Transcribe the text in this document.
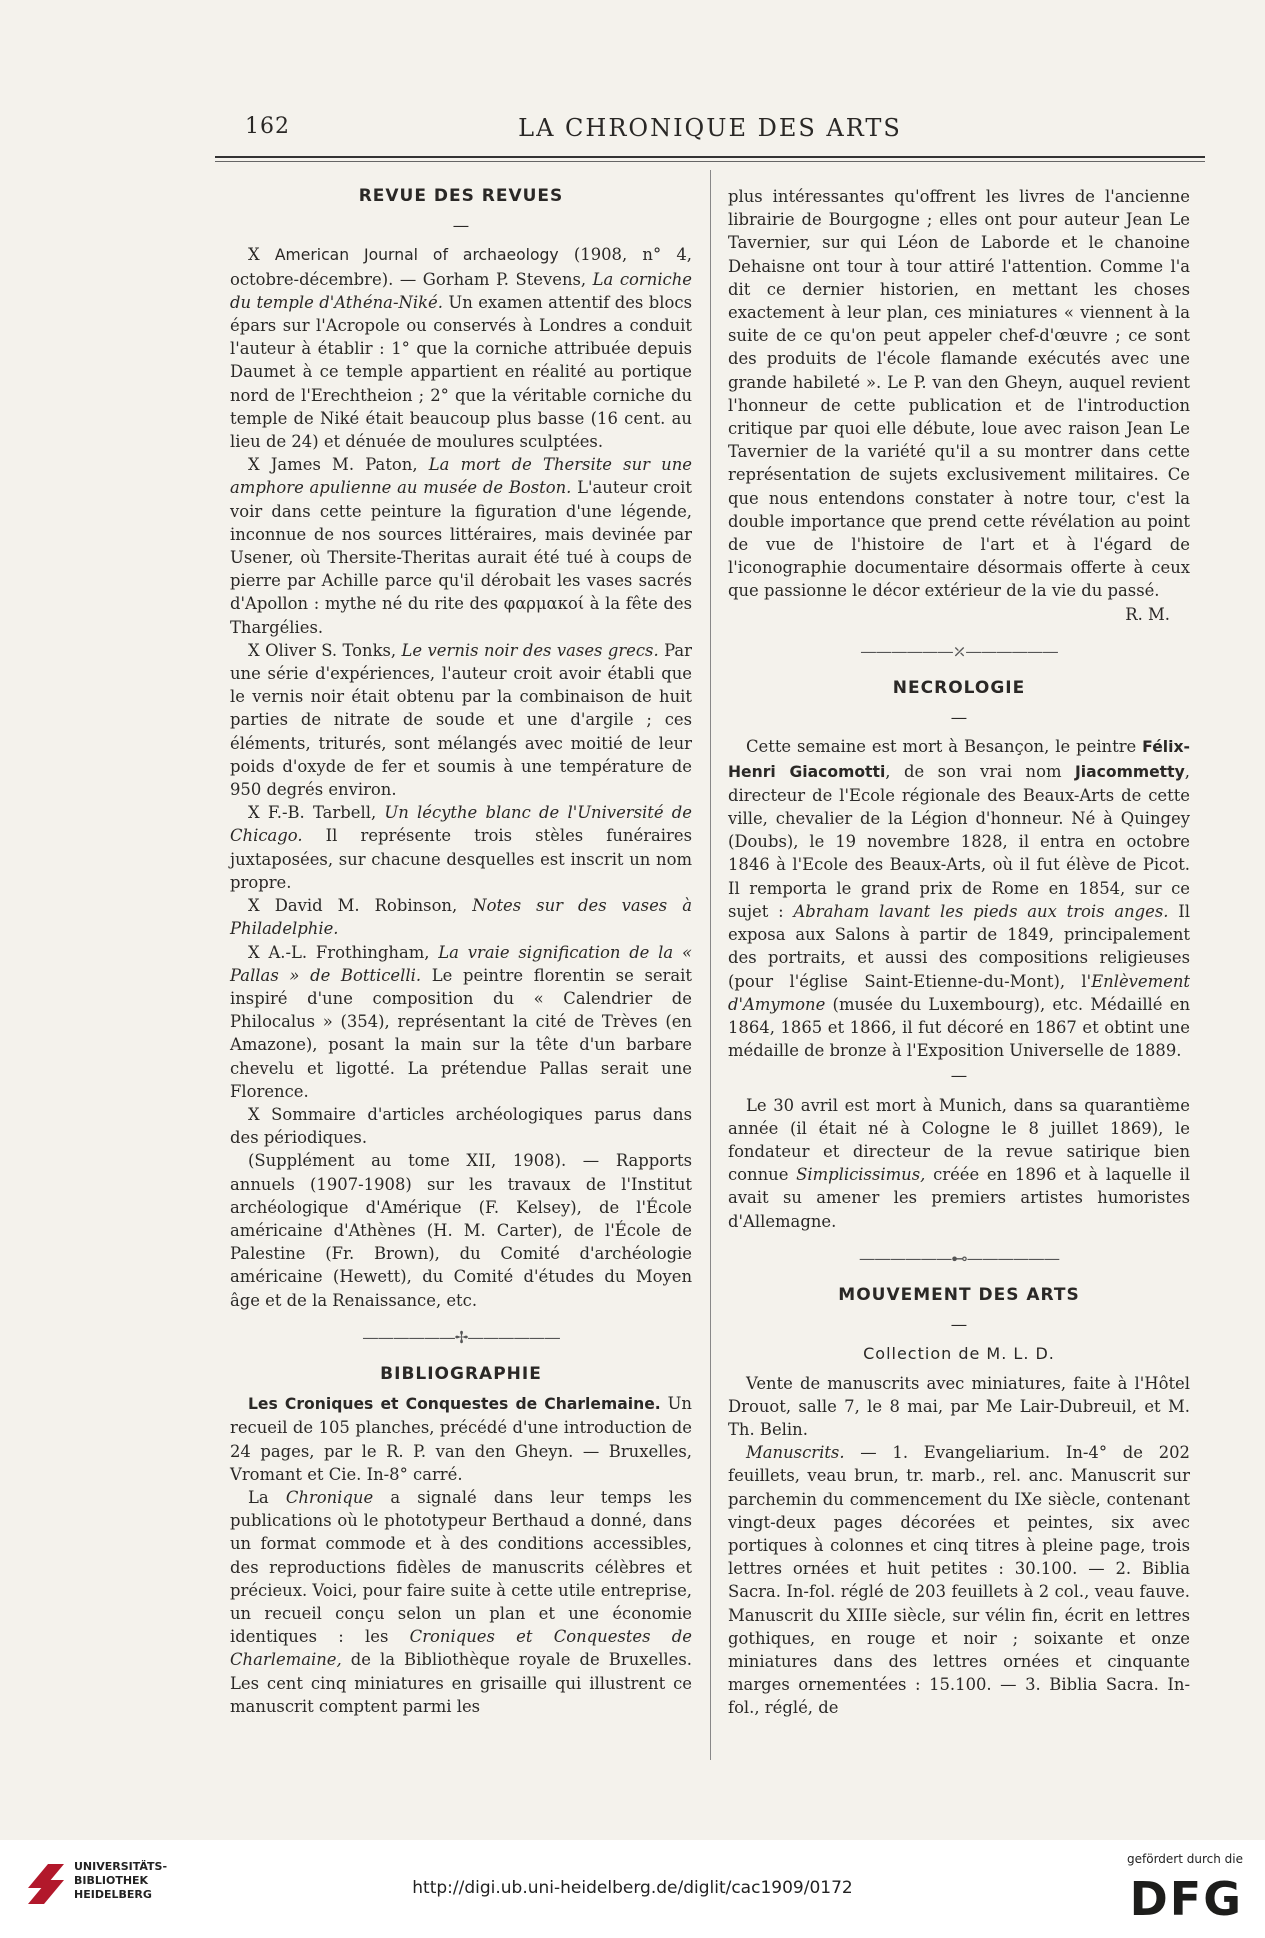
162	LA CHRONIQUE DES ARTS
REVUE DES REVUES
—

X American Journal of archaeology (1908, n° 4, octobre-décembre). — Gorham P. Stevens, La corniche du temple d'Athéna-Niké. Un examen attentif des blocs épars sur l'Acropole ou conservés à Londres a conduit l'auteur à établir : 1° que la corniche attribuée depuis Daumet à ce temple appartient en réalité au portique nord de l'Erechtheion ; 2° que la véritable corniche du temple de Niké était beaucoup plus basse (16 cent. au lieu de 24) et dénuée de moulures sculptées.

X James M. Paton, La mort de Thersite sur une amphore apulienne au musée de Boston. L'auteur croit voir dans cette peinture la figuration d'une légende, inconnue de nos sources littéraires, mais devinée par Usener, où Thersite-Theritas aurait été tué à coups de pierre par Achille parce qu'il dérobait les vases sacrés d'Apollon : mythe né du rite des φαρμακοί à la fête des Thargélies.

X Oliver S. Tonks, Le vernis noir des vases grecs. Par une série d'expériences, l'auteur croit avoir établi que le vernis noir était obtenu par la combinaison de huit parties de nitrate de soude et une d'argile ; ces éléments, triturés, sont mélangés avec moitié de leur poids d'oxyde de fer et soumis à une température de 950 degrés environ.

X F.-B. Tarbell, Un lécythe blanc de l'Université de Chicago. Il représente trois stèles funéraires juxtaposées, sur chacune desquelles est inscrit un nom propre.

X David M. Robinson, Notes sur des vases à Philadelphie.

X A.-L. Frothingham, La vraie signification de la « Pallas » de Botticelli. Le peintre florentin se serait inspiré d'une composition du « Calendrier de Philocalus » (354), représentant la cité de Trèves (en Amazone), posant la main sur la tête d'un barbare chevelu et ligotté. La prétendue Pallas serait une Florence.

X Sommaire d'articles archéologiques parus dans des périodiques.

(Supplément au tome XII, 1908). — Rapports annuels (1907-1908) sur les travaux de l'Institut archéologique d'Amérique (F. Kelsey), de l'École américaine d'Athènes (H. M. Carter), de l'École de Palestine (Fr. Brown), du Comité d'archéologie américaine (Hewett), du Comité d'études du Moyen âge et de la Renaissance, etc.

——————✢——————
BIBLIOGRAPHIE

Les Croniques et Conquestes de Charlemaine. Un recueil de 105 planches, précédé d'une introduction de 24 pages, par le R. P. van den Gheyn. — Bruxelles, Vromant et Cie. In-8° carré.

La Chronique a signalé dans leur temps les publications où le phototypeur Berthaud a donné, dans un format commode et à des conditions accessibles, des reproductions fidèles de manuscrits célèbres et précieux. Voici, pour faire suite à cette utile entreprise, un recueil conçu selon un plan et une économie identiques : les Croniques et Conquestes de Charlemaine, de la Bibliothèque royale de Bruxelles. Les cent cinq miniatures en grisaille qui illustrent ce manuscrit comptent parmi les

plus intéressantes qu'offrent les livres de l'ancienne librairie de Bourgogne ; elles ont pour auteur Jean Le Tavernier, sur qui Léon de Laborde et le chanoine Dehaisne ont tour à tour attiré l'attention. Comme l'a dit ce dernier historien, en mettant les choses exactement à leur plan, ces miniatures « viennent à la suite de ce qu'on peut appeler chef-d'œuvre ; ce sont des produits de l'école flamande exécutés avec une grande habileté ». Le P. van den Gheyn, auquel revient l'honneur de cette publication et de l'introduction critique par quoi elle débute, loue avec raison Jean Le Tavernier de la variété qu'il a su montrer dans cette représentation de sujets exclusivement militaires. Ce que nous entendons constater à notre tour, c'est la double importance que prend cette révélation au point de vue de l'histoire de l'art et à l'égard de l'iconographie documentaire désormais offerte à ceux que passionne le décor extérieur de la vie du passé.

R. M.

——————⤫——————
NECROLOGIE
—

Cette semaine est mort à Besançon, le peintre Félix-Henri Giacomotti, de son vrai nom Jiacommetty, directeur de l'Ecole régionale des Beaux-Arts de cette ville, chevalier de la Légion d'honneur. Né à Quingey (Doubs), le 19 novembre 1828, il entra en octobre 1846 à l'Ecole des Beaux-Arts, où il fut élève de Picot. Il remporta le grand prix de Rome en 1854, sur ce sujet : Abraham lavant les pieds aux trois anges. Il exposa aux Salons à partir de 1849, principalement des portraits, et aussi des compositions religieuses (pour l'église Saint-Etienne-du-Mont), l'Enlèvement d'Amymone (musée du Luxembourg), etc. Médaillé en 1864, 1865 et 1866, il fut décoré en 1867 et obtint une médaille de bronze à l'Exposition Universelle de 1889.

—

Le 30 avril est mort à Munich, dans sa quarantième année (il était né à Cologne le 8 juillet 1869), le fondateur et directeur de la revue satirique bien connue Simplicissimus, créée en 1896 et à laquelle il avait su amener les premiers artistes humoristes d'Allemagne.

——————⊷——————
MOUVEMENT DES ARTS
—
Collection de M. L. D.

Vente de manuscrits avec miniatures, faite à l'Hôtel Drouot, salle 7, le 8 mai, par Me Lair-Dubreuil, et M. Th. Belin.

Manuscrits. — 1. Evangeliarium. In-4° de 202 feuillets, veau brun, tr. marb., rel. anc. Manuscrit sur parchemin du commencement du IXe siècle, contenant vingt-deux pages décorées et peintes, six avec portiques à colonnes et cinq titres à pleine page, trois lettres ornées et huit petites : 30.100. — 2. Biblia Sacra. In-fol. réglé de 203 feuillets à 2 col., veau fauve. Manuscrit du XIIIe siècle, sur vélin fin, écrit en lettres gothiques, en rouge et noir ; soixante et onze miniatures dans des lettres ornées et cinquante marges ornementées : 15.100. — 3. Biblia Sacra. In-fol., réglé, de

UNIVERSITÄTS-
BIBLIOTHEK
HEIDELBERG	http://digi.ub.uni-heidelberg.de/diglit/cac1909/0172
gefördert durch die
DFG
